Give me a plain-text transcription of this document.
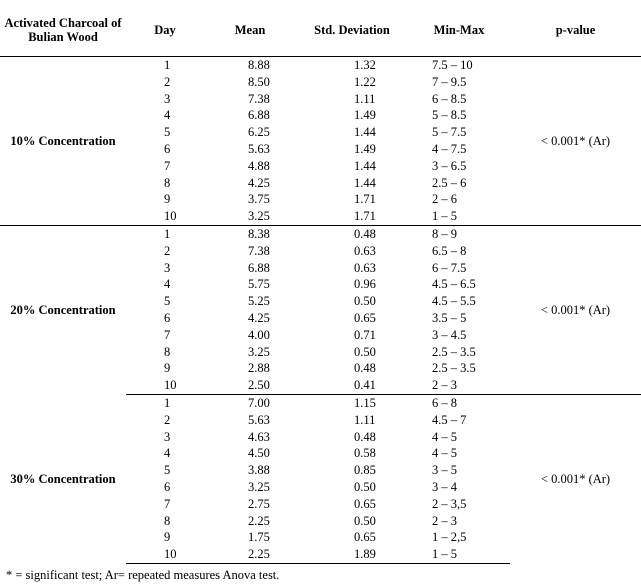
Activated Charcoal of Bulian Wood	Day	Mean	Std. Deviation	Min-Max	p-value
10% Concentration	1	8.88	1.32	7.5 – 10	< 0.001* (Ar)
	2	8.50	1.22	7 – 9.5	
	3	7.38	1.11	6 – 8.5	
	4	6.88	1.49	5 – 8.5	
	5	6.25	1.44	5 – 7.5	
	6	5.63	1.49	4 – 7.5	
	7	4.88	1.44	3 – 6.5	
	8	4.25	1.44	2.5 – 6	
	9	3.75	1.71	2 – 6	
	10	3.25	1.71	1 – 5	
20% Concentration	1	8.38	0.48	8 – 9	< 0.001* (Ar)
	2	7.38	0.63	6.5 – 8	
	3	6.88	0.63	6 – 7.5	
	4	5.75	0.96	4.5 – 6.5	
	5	5.25	0.50	4.5 – 5.5	
	6	4.25	0.65	3.5 – 5	
	7	4.00	0.71	3 – 4.5	
	8	3.25	0.50	2.5 – 3.5	
	9	2.88	0.48	2.5 – 3.5	
	10	2.50	0.41	2 – 3	
30% Concentration	1	7.00	1.15	6 – 8	< 0.001* (Ar)
	2	5.63	1.11	4.5 – 7	
	3	4.63	0.48	4 – 5	
	4	4.50	0.58	4 – 5	
	5	3.88	0.85	3 – 5	
	6	3.25	0.50	3 – 4	
	7	2.75	0.65	2 – 3,5	
	8	2.25	0.50	2 – 3	
	9	1.75	0.65	1 – 2,5	
	10	2.25	1.89	1 – 5	
* = significant test; Ar= repeated measures Anova test.
